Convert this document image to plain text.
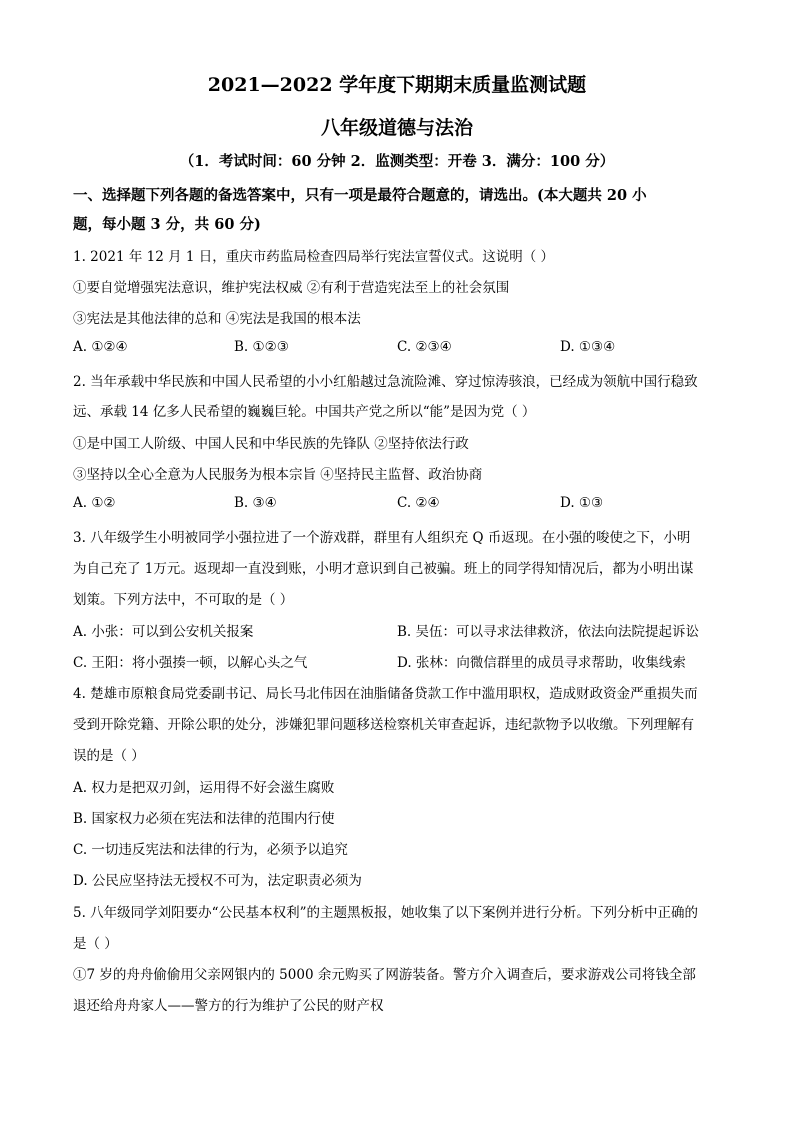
2021—2022 学年度下期期末质量监测试题
八年级道德与法治
（1．考试时间：60 分钟 2．监测类型：开卷 3．满分：100 分）
一、选择题下列各题的备选答案中，只有一项是最符合题意的，请选出。(本大题共 20 小
题，每小题 3 分，共 60 分)
1. 2021 年 12 月 1 日，重庆市药监局检查四局举行宪法宣誓仪式。这说明（ ）
①要自觉增强宪法意识，维护宪法权威 ②有利于营造宪法至上的社会氛围
③宪法是其他法律的总和 ④宪法是我国的根本法
A. ①②④	B. ①②③	C. ②③④	D. ①③④
2. 当年承载中华民族和中国人民希望的小小红船越过急流险滩、穿过惊涛骇浪，已经成为领航中国行稳致
远、承载 14 亿多人民希望的巍巍巨轮。中国共产党之所以“能”是因为党（ ）
①是中国工人阶级、中国人民和中华民族的先锋队 ②坚持依法行政
③坚持以全心全意为人民服务为根本宗旨 ④坚持民主监督、政治协商
A. ①②	B. ③④	C. ②④	D. ①③
3. 八年级学生小明被同学小强拉进了一个游戏群，群里有人组织充 Q 币返现。在小强的唆使之下，小明
为自己充了 1万元。返现却一直没到账，小明才意识到自己被骗。班上的同学得知情况后，都为小明出谋
划策。下列方法中，不可取的是（ ）
A. 小张：可以到公安机关报案	B. 吴伍：可以寻求法律救济，依法向法院提起诉讼
C. 王阳：将小强揍一顿，以解心头之气	D. 张林：向微信群里的成员寻求帮助，收集线索
4. 楚雄市原粮食局党委副书记、局长马北伟因在油脂储备贷款工作中滥用职权，造成财政资金严重损失而
受到开除党籍、开除公职的处分，涉嫌犯罪问题移送检察机关审查起诉，违纪款物予以收缴。下列理解有
误的是（ ）
A. 权力是把双刃剑，运用得不好会滋生腐败
B. 国家权力必须在宪法和法律的范围内行使
C. 一切违反宪法和法律的行为，必须予以追究
D. 公民应坚持法无授权不可为，法定职责必须为
5. 八年级同学刘阳要办“公民基本权利”的主题黑板报，她收集了以下案例并进行分析。下列分析中正确的
是（ ）
①7 岁的舟舟偷偷用父亲网银内的 5000 余元购买了网游装备。警方介入调查后，要求游戏公司将钱全部
退还给舟舟家人——警方的行为维护了公民的财产权
